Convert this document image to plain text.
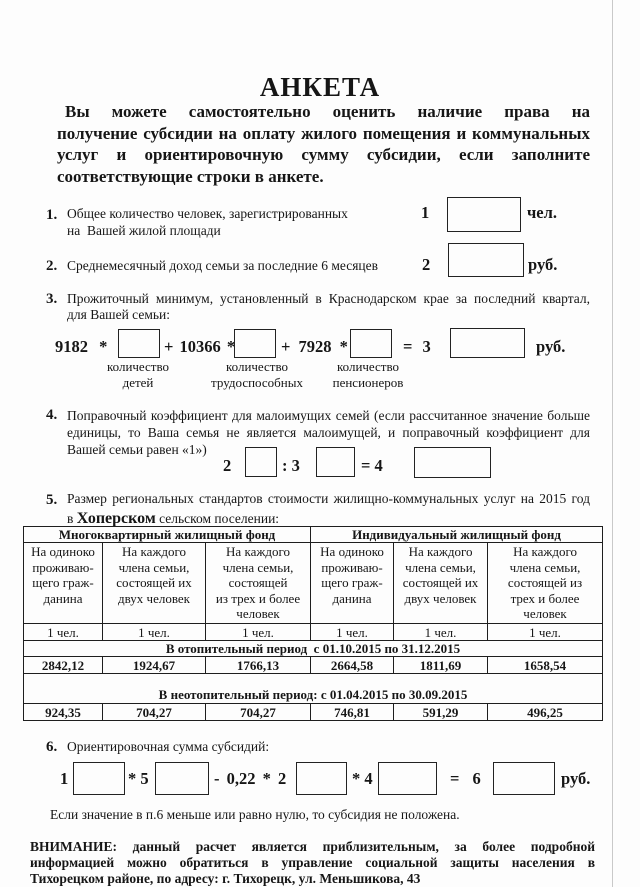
АНКЕТА
Вы можете самостоятельно оценить наличие права на
получение субсидии на оплату жилого помещения и коммунальных
услуг и ориентировочную сумму субсидии, если заполните
соответствующие строки в анкете.
1. Общее количество человек, зарегистрированных
на  Вашей жилой площади
1	чел.
2. Среднемесячный доход семьи за последние 6 месяцев	2	руб.
3. Прожиточный минимум, установленный в Краснодарском крае за последний квартал,
для Вашей семьи:
9182 *	+ 10366 *	+ 7928 *	= 3	руб.
количество
детей
количество
трудоспособных
количество
пенсионеров
4. Поправочный коэффициент для малоимущих семей (если рассчитанное значение больше
единицы, то Ваша семья не является малоимущей, и поправочный коэффициент для
Вашей семьи равен «1»)
2	: 3	= 4
5. Размер региональных стандартов стоимости жилищно-коммунальных услуг на 2015 год
в Хоперском сельском поселении:
Многоквартирный жилищный фонд			Индивидуальный жилищный фонд		
На одиноко
проживаю-
щего граж-
данина	На каждого
члена семьи,
состоящей их
двух человек	На каждого
члена семьи,
состоящей
из трех и более
человек	На одиноко
проживаю-
щего граж-
данина	На каждого
члена семьи,
состоящей их
двух человек	На каждого
члена семьи,
состоящей из
трех и более
человек
1 чел.	1 чел.	1 чел.	1 чел.	1 чел.	1 чел.
В отопительный период  с 01.10.2015 по 31.12.2015					
2842,12	1924,67	1766,13	2664,58	1811,69	1658,54
В неотопительный период: с 01.04.2015 по 30.09.2015					
924,35	704,27	704,27	746,81	591,29	496,25
6. Ориентировочная сумма субсидий:
1	* 5	- 0,22 * 2	* 4	= 6	руб.
Если значение в п.6 меньше или равно нулю, то субсидия не положена.
ВНИМАНИЕ: данный расчет является приблизительным, за более подробной
информацией можно обратиться в управление социальной защиты населения в
Тихорецком районе, по адресу: г. Тихорецк, ул. Меньшикова, 43
